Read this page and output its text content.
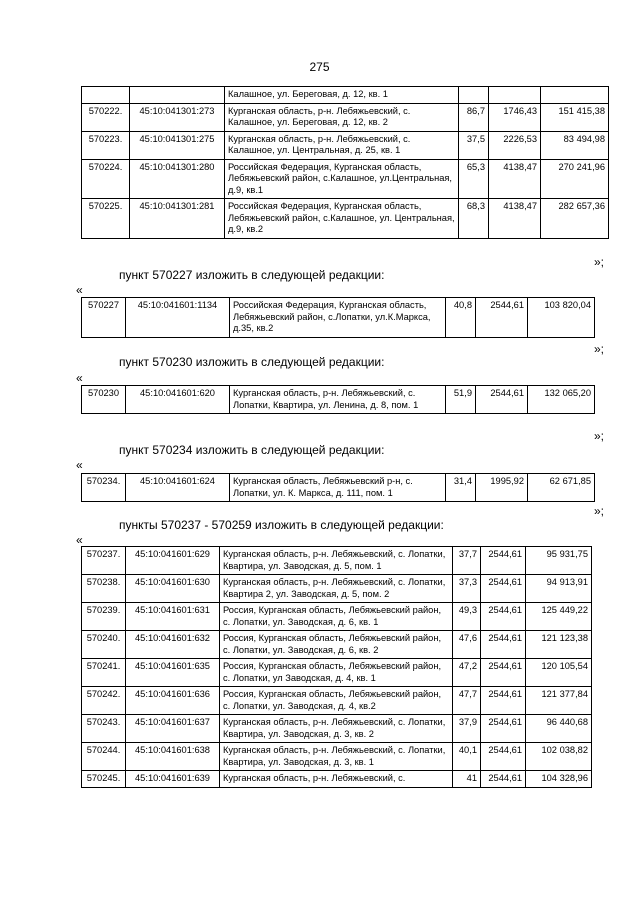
275
		Калашное, ул. Береговая, д. 12, кв. 1			
570222.	45:10:041301:273	Курганская область, р-н. Лебяжьевский, с. Калашное, ул. Береговая, д. 12, кв. 2	86,7	1746,43	151 415,38
570223.	45:10:041301:275	Курганская область, р-н. Лебяжьевский, с. Калашное, ул. Центральная, д. 25, кв. 1	37,5	2226,53	83 494,98
570224.	45:10:041301:280	Российская Федерация, Курганская область, Лебяжьевский район, с.Калашное, ул.Центральная, д.9, кв.1	65,3	4138,47	270 241,96
570225.	45:10:041301:281	Российская Федерация, Курганская область, Лебяжьевский район, с.Калашное, ул. Центральная, д.9, кв.2	68,3	4138,47	282 657,36
»;
пункт 570227 изложить в следующей редакции:
«
570227	45:10:041601:1134	Российская Федерация, Курганская область, Лебяжьевский район, с.Лопатки, ул.К.Маркса, д.35, кв.2	40,8	2544,61	103 820,04
»;
пункт 570230 изложить в следующей редакции:
«
570230	45:10:041601:620	Курганская область, р-н. Лебяжьевский, с. Лопатки, Квартира, ул. Ленина, д. 8, пом. 1	51,9	2544,61	132 065,20
»;
пункт 570234 изложить в следующей редакции:
«
570234.	45:10:041601:624	Курганская область, Лебяжьевский р-н, с. Лопатки, ул. К. Маркса, д. 111, пом. 1	31,4	1995,92	62 671,85
»;
пункты 570237 - 570259 изложить в следующей редакции:
«
570237.	45:10:041601:629	Курганская область, р-н. Лебяжьевский, с. Лопатки, Квартира, ул. Заводская, д. 5, пом. 1	37,7	2544,61	95 931,75
570238.	45:10:041601:630	Курганская область, р-н. Лебяжьевский, с. Лопатки, Квартира 2, ул. Заводская, д. 5, пом. 2	37,3	2544,61	94 913,91
570239.	45:10:041601:631	Россия, Курганская область, Лебяжьевский район, с. Лопатки, ул. Заводская, д. 6, кв. 1	49,3	2544,61	125 449,22
570240.	45:10:041601:632	Россия, Курганская область, Лебяжьевский район, с. Лопатки, ул. Заводская, д. 6, кв. 2	47,6	2544,61	121 123,38
570241.	45:10:041601:635	Россия, Курганская область, Лебяжьевский район, с. Лопатки, ул Заводская, д. 4, кв. 1	47,2	2544,61	120 105,54
570242.	45:10:041601:636	Россия, Курганская область, Лебяжьевский район, с. Лопатки, ул. Заводская, д. 4, кв.2	47,7	2544,61	121 377,84
570243.	45:10:041601:637	Курганская область, р-н. Лебяжьевский, с. Лопатки, Квартира, ул. Заводская, д. 3, кв. 2	37,9	2544,61	96 440,68
570244.	45:10:041601:638	Курганская область, р-н. Лебяжьевский, с. Лопатки, Квартира, ул. Заводская, д. 3, кв. 1	40,1	2544,61	102 038,82
570245.	45:10:041601:639	Курганская область, р-н. Лебяжьевский, с.	41	2544,61	104 328,96
